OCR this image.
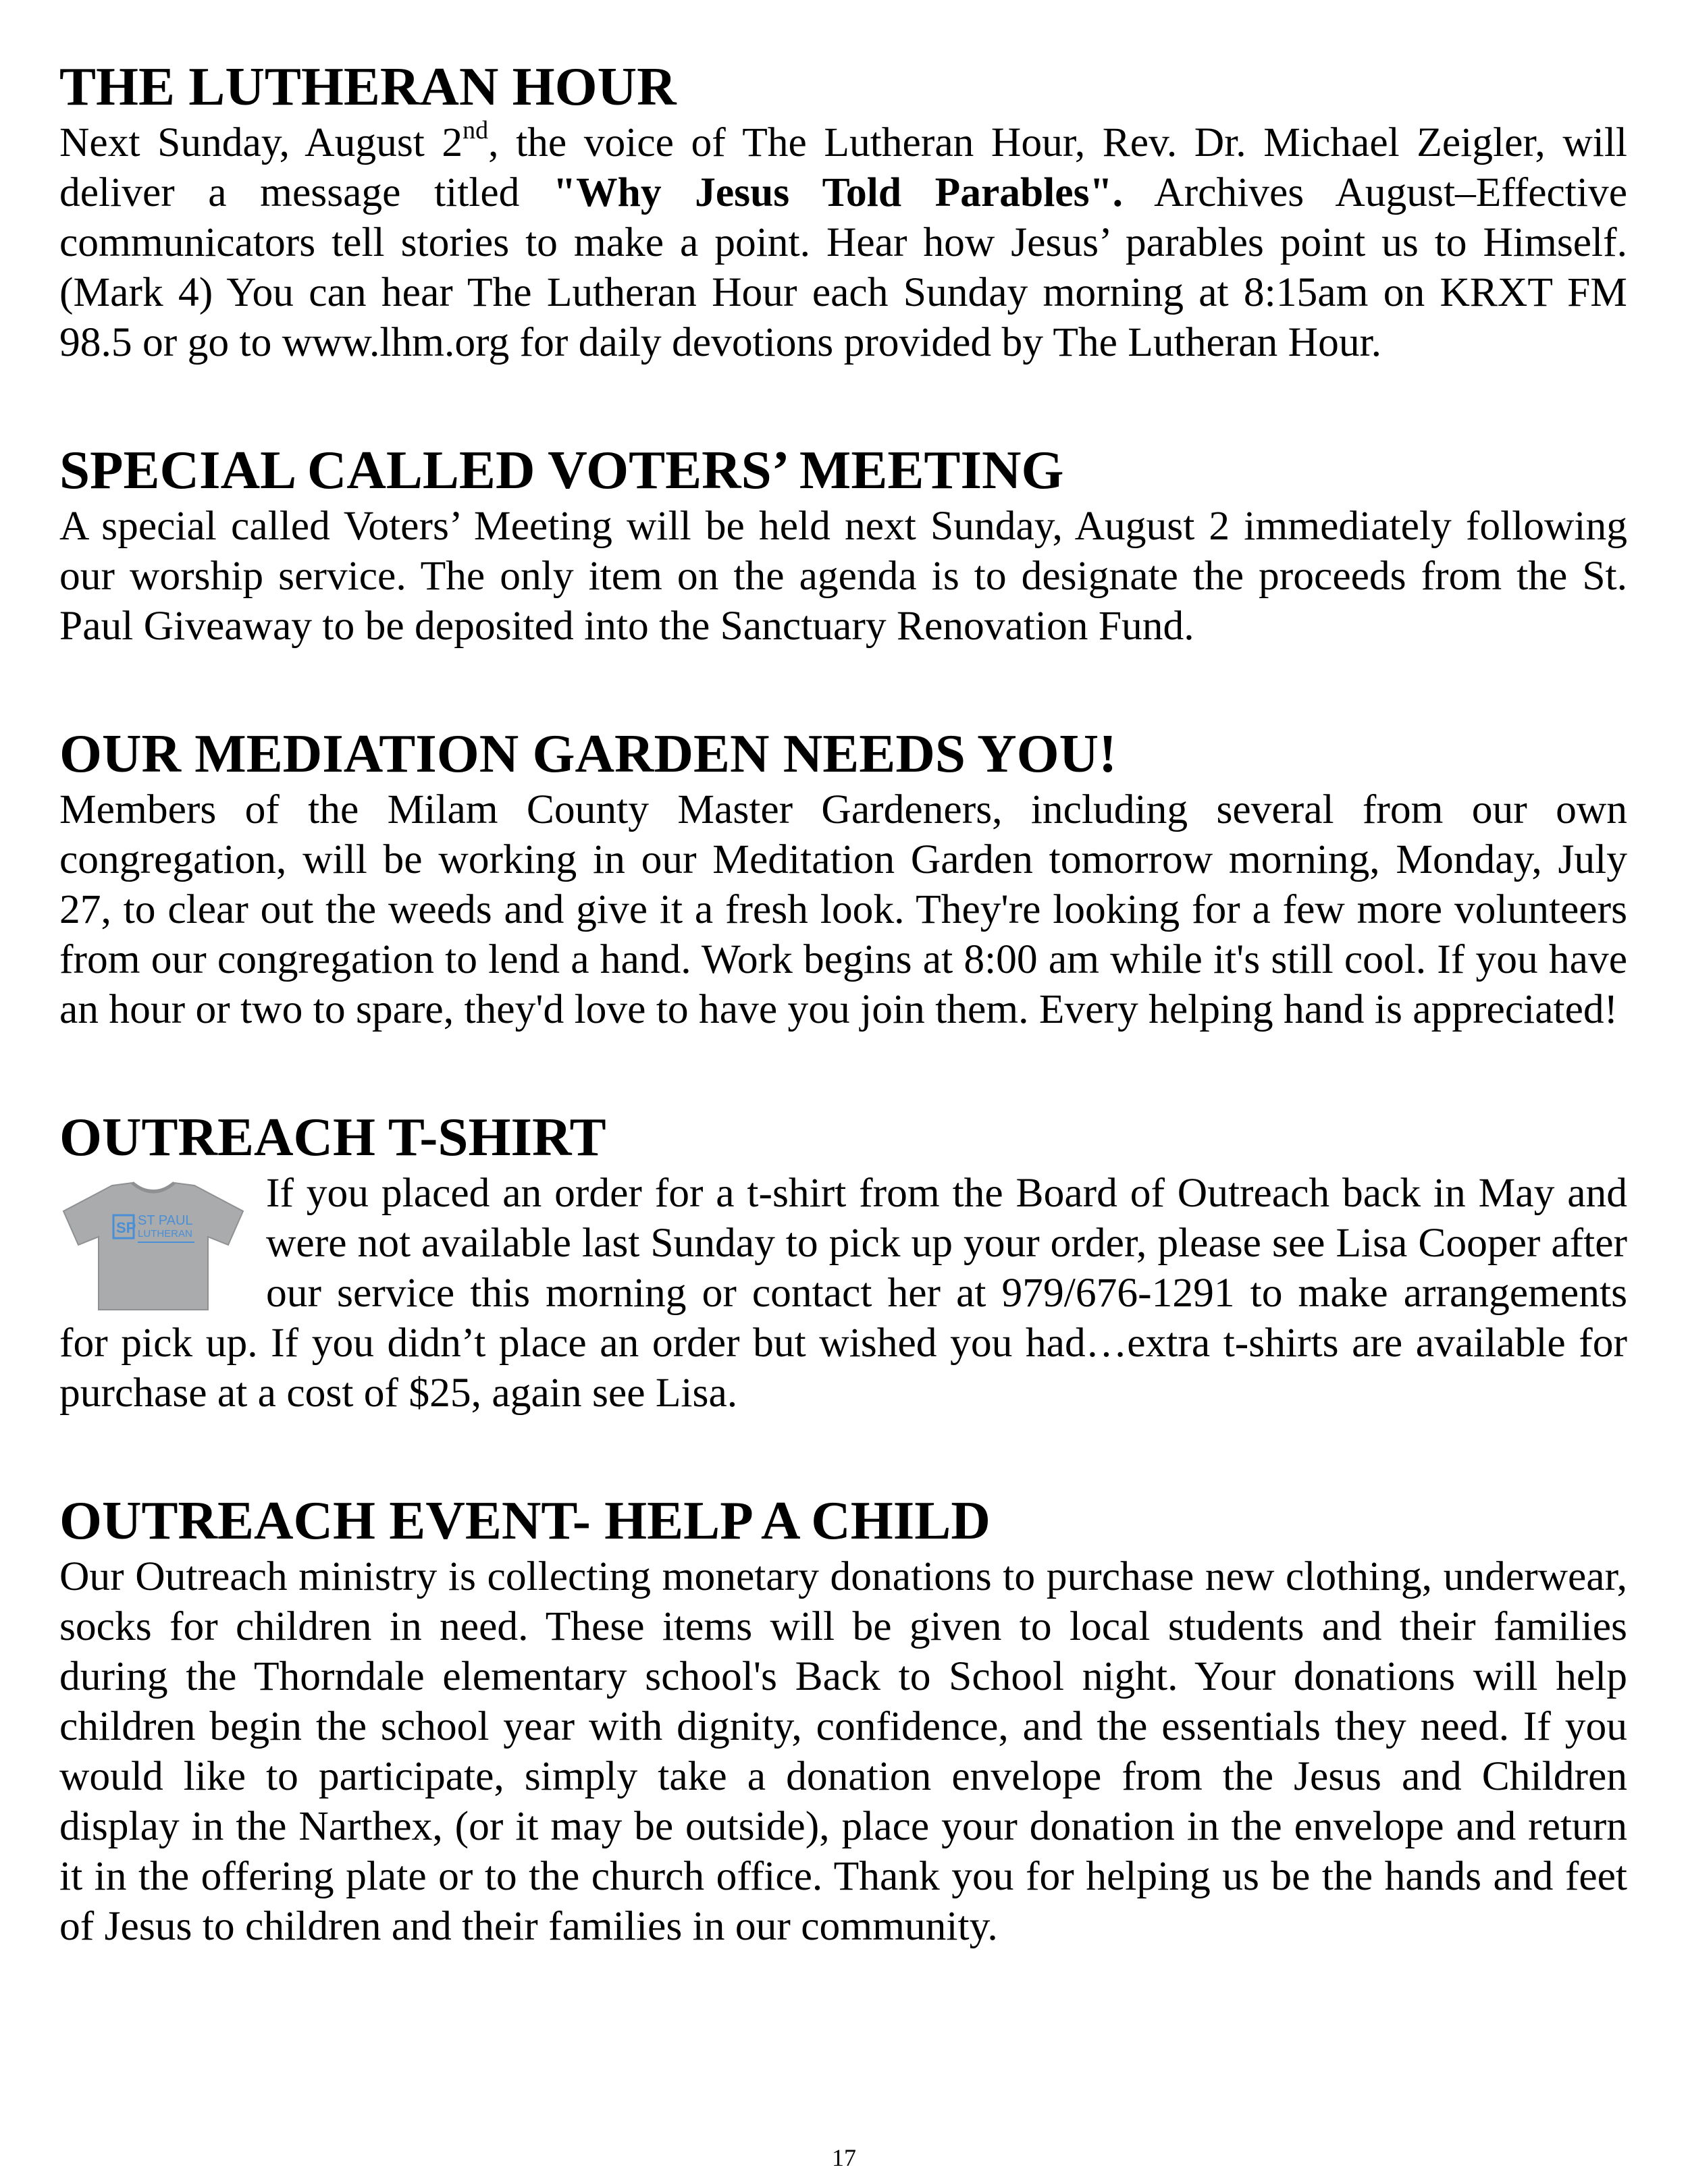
THE LUTHERAN HOUR

Next Sunday, August 2nd, the voice of The Lutheran Hour, Rev. Dr. Michael Zeigler, will deliver a message titled "Why Jesus Told Parables". Archives August–Effective communicators tell stories to make a point. Hear how Jesus’ parables point us to Himself. (Mark 4) You can hear The Lutheran Hour each Sunday morning at 8:15am on KRXT FM 98.5 or go to www.lhm.org for daily devotions provided by The Lutheran Hour.

SPECIAL CALLED VOTERS’ MEETING

A special called Voters’ Meeting will be held next Sunday, August 2 immediately following our worship service. The only item on the agenda is to designate the proceeds from the St. Paul Giveaway to be deposited into the Sanctuary Renovation Fund.

OUR MEDIATION GARDEN NEEDS YOU!

Members of the Milam County Master Gardeners, including several from our own congregation, will be working in our Meditation Garden tomorrow morning, Monday, July 27, to clear out the weeds and give it a fresh look. They're looking for a few more volunteers from our congregation to lend a hand. Work begins at 8:00 am while it's still cool. If you have an hour or two to spare, they'd love to have you join them. Every helping hand is appreciated!

OUTREACH T-SHIRT
SP ST PAUL
LUTHERAN

If you placed an order for a t-shirt from the Board of Outreach back in May and were not available last Sunday to pick up your order, please see Lisa Cooper after our service this morning or contact her at 979/676-1291 to make arrangements for pick up. If you didn’t place an order but wished you had…extra t-shirts are available for purchase at a cost of $25, again see Lisa.

OUTREACH EVENT- HELP A CHILD

Our Outreach ministry is collecting monetary donations to purchase new clothing, underwear, socks for children in need. These items will be given to local students and their families during the Thorndale elementary school's Back to School night. Your donations will help children begin the school year with dignity, confidence, and the essentials they need. If you would like to participate, simply take a donation envelope from the Jesus and Children display in the Narthex, (or it may be outside), place your donation in the envelope and return it in the offering plate or to the church office. Thank you for helping us be the hands and feet of Jesus to children and their families in our community.

17
